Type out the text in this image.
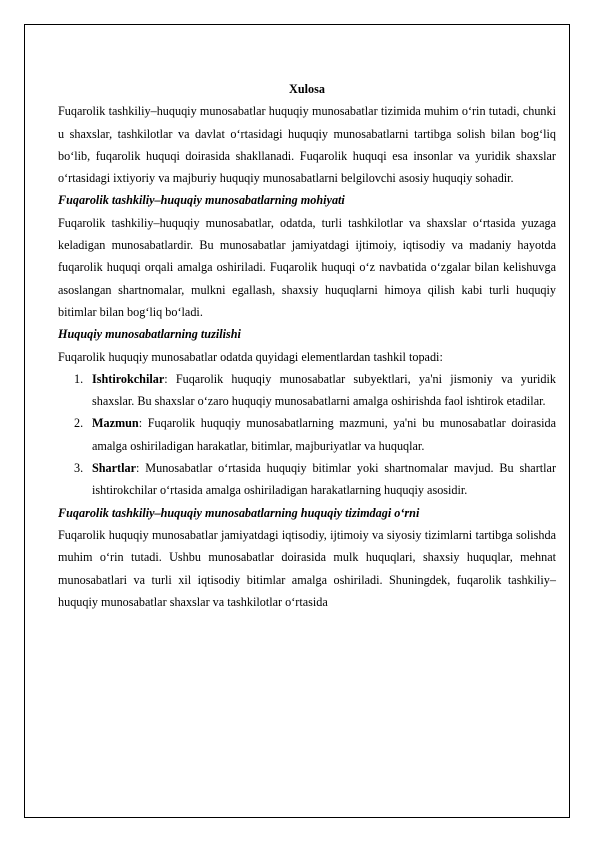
Xulosa

Fuqarolik tashkiliy–huquqiy munosabatlar huquqiy munosabatlar tizimida muhim o‘rin tutadi, chunki u shaxslar, tashkilotlar va davlat o‘rtasidagi huquqiy munosabatlarni tartibga solish bilan bog‘liq bo‘lib, fuqarolik huquqi doirasida shakllanadi. Fuqarolik huquqi esa insonlar va yuridik shaxslar o‘rtasidagi ixtiyoriy va majburiy huquqiy munosabatlarni belgilovchi asosiy huquqiy sohadir.

Fuqarolik tashkiliy–huquqiy munosabatlarning mohiyati

Fuqarolik tashkiliy–huquqiy munosabatlar, odatda, turli tashkilotlar va shaxslar o‘rtasida yuzaga keladigan munosabatlardir. Bu munosabatlar jamiyatdagi ijtimoiy, iqtisodiy va madaniy hayotda fuqarolik huquqi orqali amalga oshiriladi. Fuqarolik huquqi o‘z navbatida o‘zgalar bilan kelishuvga asoslangan shartnomalar, mulkni egallash, shaxsiy huquqlarni himoya qilish kabi turli huquqiy bitimlar bilan bog‘liq bo‘ladi.

Huquqiy munosabatlarning tuzilishi

Fuqarolik huquqiy munosabatlar odatda quyidagi elementlardan tashkil topadi:

1. Ishtirokchilar: Fuqarolik huquqiy munosabatlar subyektlari, ya'ni jismoniy va yuridik shaxslar. Bu shaxslar o‘zaro huquqiy munosabatlarni amalga oshirishda faol ishtirok etadilar.
2. Mazmun: Fuqarolik huquqiy munosabatlarning mazmuni, ya'ni bu munosabatlar doirasida amalga oshiriladigan harakatlar, bitimlar, majburiyatlar va huquqlar.
3. Shartlar: Munosabatlar o‘rtasida huquqiy bitimlar yoki shartnomalar mavjud. Bu shartlar ishtirokchilar o‘rtasida amalga oshiriladigan harakatlarning huquqiy asosidir.

Fuqarolik tashkiliy–huquqiy munosabatlarning huquqiy tizimdagi o‘rni

Fuqarolik huquqiy munosabatlar jamiyatdagi iqtisodiy, ijtimoiy va siyosiy tizimlarni tartibga solishda muhim o‘rin tutadi. Ushbu munosabatlar doirasida mulk huquqlari, shaxsiy huquqlar, mehnat munosabatlari va turli xil iqtisodiy bitimlar amalga oshiriladi. Shuningdek, fuqarolik tashkiliy–huquqiy munosabatlar shaxslar va tashkilotlar o‘rtasida
